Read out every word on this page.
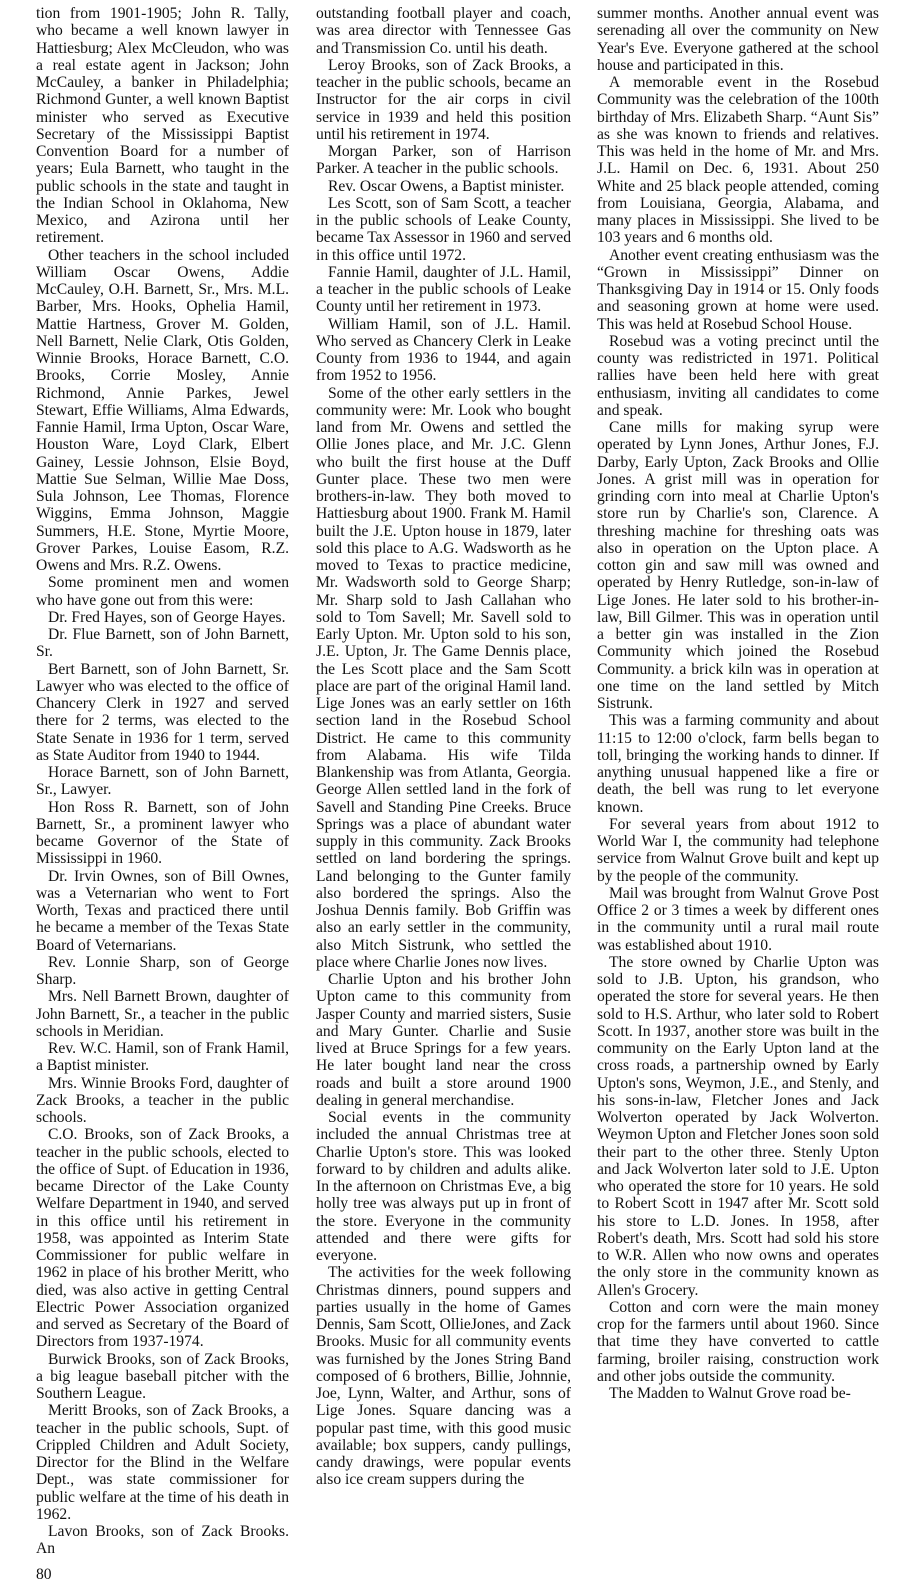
tion from 1901-1905; John R. Tally, who became a well known lawyer in Hattiesburg; Alex McCleudon, who was a real estate agent in Jackson; John McCauley, a banker in Philadelphia; Richmond Gunter, a well known Baptist minister who served as Executive Secretary of the Mississippi Baptist Convention Board for a number of years; Eula Barnett, who taught in the public schools in the state and taught in the Indian School in Oklahoma, New Mexico, and Azirona until her retirement.

Other teachers in the school included William Oscar Owens, Addie McCauley, O.H. Barnett, Sr., Mrs. M.L. Barber, Mrs. Hooks, Ophelia Hamil, Mattie Hartness, Grover M. Golden, Nell Barnett, Nelie Clark, Otis Golden, Winnie Brooks, Horace Barnett, C.O. Brooks, Corrie Mosley, Annie Richmond, Annie Parkes, Jewel Stewart, Effie Williams, Alma Edwards, Fannie Hamil, Irma Upton, Oscar Ware, Houston Ware, Loyd Clark, Elbert Gainey, Lessie Johnson, Elsie Boyd, Mattie Sue Selman, Willie Mae Doss, Sula Johnson, Lee Thomas, Florence Wiggins, Emma Johnson, Maggie Summers, H.E. Stone, Myrtie Moore, Grover Parkes, Louise Easom, R.Z. Owens and Mrs. R.Z. Owens.

Some prominent men and women who have gone out from this were:

Dr. Fred Hayes, son of George Hayes.

Dr. Flue Barnett, son of John Barnett, Sr.

Bert Barnett, son of John Barnett, Sr. Lawyer who was elected to the office of Chancery Clerk in 1927 and served there for 2 terms, was elected to the State Senate in 1936 for 1 term, served as State Auditor from 1940 to 1944.

Horace Barnett, son of John Barnett, Sr., Lawyer.

Hon Ross R. Barnett, son of John Barnett, Sr., a prominent lawyer who became Governor of the State of Mississippi in 1960.

Dr. Irvin Ownes, son of Bill Ownes, was a Veternarian who went to Fort Worth, Texas and practiced there until he became a member of the Texas State Board of Veternarians.

Rev. Lonnie Sharp, son of George Sharp.

Mrs. Nell Barnett Brown, daughter of John Barnett, Sr., a teacher in the public schools in Meridian.

Rev. W.C. Hamil, son of Frank Hamil, a Baptist minister.

Mrs. Winnie Brooks Ford, daughter of Zack Brooks, a teacher in the public schools.

C.O. Brooks, son of Zack Brooks, a teacher in the public schools, elected to the office of Supt. of Education in 1936, became Director of the Lake County Welfare Department in 1940, and served in this office until his retirement in 1958, was appointed as Interim State Commissioner for public welfare in 1962 in place of his brother Meritt, who died, was also active in getting Central Electric Power Association organized and served as Secretary of the Board of Directors from 1937-1974.

Burwick Brooks, son of Zack Brooks, a big league baseball pitcher with the Southern League.

Meritt Brooks, son of Zack Brooks, a teacher in the public schools, Supt. of Crippled Children and Adult Society, Director for the Blind in the Welfare Dept., was state commissioner for public welfare at the time of his death in 1962.

Lavon Brooks, son of Zack Brooks. An

80

outstanding football player and coach, was area director with Tennessee Gas and Transmission Co. until his death.

Leroy Brooks, son of Zack Brooks, a teacher in the public schools, became an Instructor for the air corps in civil service in 1939 and held this position until his retirement in 1974.

Morgan Parker, son of Harrison Parker. A teacher in the public schools.

Rev. Oscar Owens, a Baptist minister.

Les Scott, son of Sam Scott, a teacher in the public schools of Leake County, became Tax Assessor in 1960 and served in this office until 1972.

Fannie Hamil, daughter of J.L. Hamil, a teacher in the public schools of Leake County until her retirement in 1973.

William Hamil, son of J.L. Hamil. Who served as Chancery Clerk in Leake County from 1936 to 1944, and again from 1952 to 1956.

Some of the other early settlers in the community were: Mr. Look who bought land from Mr. Owens and settled the Ollie Jones place, and Mr. J.C. Glenn who built the first house at the Duff Gunter place. These two men were brothers-in-law. They both moved to Hattiesburg about 1900. Frank M. Hamil built the J.E. Upton house in 1879, later sold this place to A.G. Wadsworth as he moved to Texas to practice medicine, Mr. Wadsworth sold to George Sharp; Mr. Sharp sold to Jash Callahan who sold to Tom Savell; Mr. Savell sold to Early Upton. Mr. Upton sold to his son, J.E. Upton, Jr. The Game Dennis place, the Les Scott place and the Sam Scott place are part of the original Hamil land. Lige Jones was an early settler on 16th section land in the Rosebud School District. He came to this community from Alabama. His wife Tilda Blankenship was from Atlanta, Georgia. George Allen settled land in the fork of Savell and Standing Pine Creeks. Bruce Springs was a place of abundant water supply in this community. Zack Brooks settled on land bordering the springs. Land belonging to the Gunter family also bordered the springs. Also the Joshua Dennis family. Bob Griffin was also an early settler in the community, also Mitch Sistrunk, who settled the place where Charlie Jones now lives.

Charlie Upton and his brother John Upton came to this community from Jasper County and married sisters, Susie and Mary Gunter. Charlie and Susie lived at Bruce Springs for a few years. He later bought land near the cross roads and built a store around 1900 dealing in general merchandise.

Social events in the community included the annual Christmas tree at Charlie Upton's store. This was looked forward to by children and adults alike. In the afternoon on Christmas Eve, a big holly tree was always put up in front of the store. Everyone in the community attended and there were gifts for everyone.

The activities for the week following Christmas dinners, pound suppers and parties usually in the home of Games Dennis, Sam Scott, OllieJones, and Zack Brooks. Music for all community events was furnished by the Jones String Band composed of 6 brothers, Billie, Johnnie, Joe, Lynn, Walter, and Arthur, sons of Lige Jones. Square dancing was a popular past time, with this good music available; box suppers, candy pullings, candy drawings, were popular events also ice cream suppers during the

summer months. Another annual event was serenading all over the community on New Year's Eve. Everyone gathered at the school house and participated in this.

A memorable event in the Rosebud Community was the celebration of the 100th birthday of Mrs. Elizabeth Sharp. “Aunt Sis” as she was known to friends and relatives. This was held in the home of Mr. and Mrs. J.L. Hamil on Dec. 6, 1931. About 250 White and 25 black people attended, coming from Louisiana, Georgia, Alabama, and many places in Mississippi. She lived to be 103 years and 6 months old.

Another event creating enthusiasm was the “Grown in Mississippi” Dinner on Thanksgiving Day in 1914 or 15. Only foods and seasoning grown at home were used. This was held at Rosebud School House.

Rosebud was a voting precinct until the county was redistricted in 1971. Political rallies have been held here with great enthusiasm, inviting all candidates to come and speak.

Cane mills for making syrup were operated by Lynn Jones, Arthur Jones, F.J. Darby, Early Upton, Zack Brooks and Ollie Jones. A grist mill was in operation for grinding corn into meal at Charlie Upton's store run by Charlie's son, Clarence. A threshing machine for threshing oats was also in operation on the Upton place. A cotton gin and saw mill was owned and operated by Henry Rutledge, son-in-law of Lige Jones. He later sold to his brother-in-law, Bill Gilmer. This was in operation until a better gin was installed in the Zion Community which joined the Rosebud Community. a brick kiln was in operation at one time on the land settled by Mitch Sistrunk.

This was a farming community and about 11:15 to 12:00 o'clock, farm bells began to toll, bringing the working hands to dinner. If anything unusual happened like a fire or death, the bell was rung to let everyone known.

For several years from about 1912 to World War I, the community had telephone service from Walnut Grove built and kept up by the people of the community.

Mail was brought from Walnut Grove Post Office 2 or 3 times a week by different ones in the community until a rural mail route was established about 1910.

The store owned by Charlie Upton was sold to J.B. Upton, his grandson, who operated the store for several years. He then sold to H.S. Arthur, who later sold to Robert Scott. In 1937, another store was built in the community on the Early Upton land at the cross roads, a partnership owned by Early Upton's sons, Weymon, J.E., and Stenly, and his sons-in-law, Fletcher Jones and Jack Wolverton operated by Jack Wolverton. Weymon Upton and Fletcher Jones soon sold their part to the other three. Stenly Upton and Jack Wolverton later sold to J.E. Upton who operated the store for 10 years. He sold to Robert Scott in 1947 after Mr. Scott sold his store to L.D. Jones. In 1958, after Robert's death, Mrs. Scott had sold his store to W.R. Allen who now owns and operates the only store in the community known as Allen's Grocery.

Cotton and corn were the main money crop for the farmers until about 1960. Since that time they have converted to cattle farming, broiler raising, construction work and other jobs outside the community.

The Madden to Walnut Grove road be-
